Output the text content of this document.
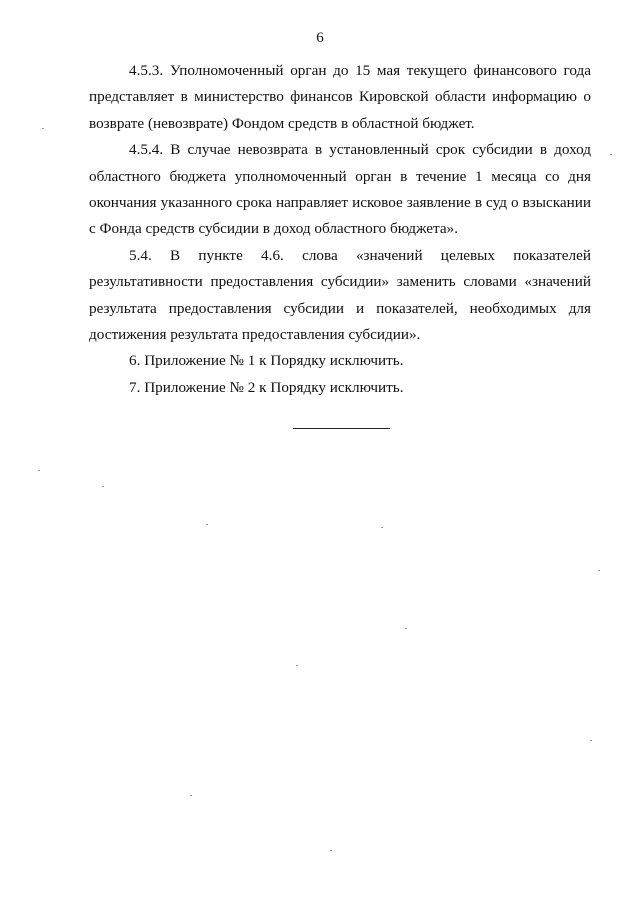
6

4.5.3. Уполномоченный орган до 15 мая текущего финансового года представляет в министерство финансов Кировской области информацию о возврате (невозврате) Фондом средств в областной бюджет.

4.5.4. В случае невозврата в установленный срок субсидии в доход областного бюджета уполномоченный орган в течение 1 месяца со дня окончания указанного срока направляет исковое заявление в суд о взыскании с Фонда средств субсидии в доход областного бюджета».

5.4. В пункте 4.6. слова «значений целевых показателей результативности предоставления субсидии» заменить словами «значений результата предоставления субсидии и показателей, необходимых для достижения результата предоставления субсидии».

6. Приложение № 1 к Порядку исключить.

7. Приложение № 2 к Порядку исключить.
